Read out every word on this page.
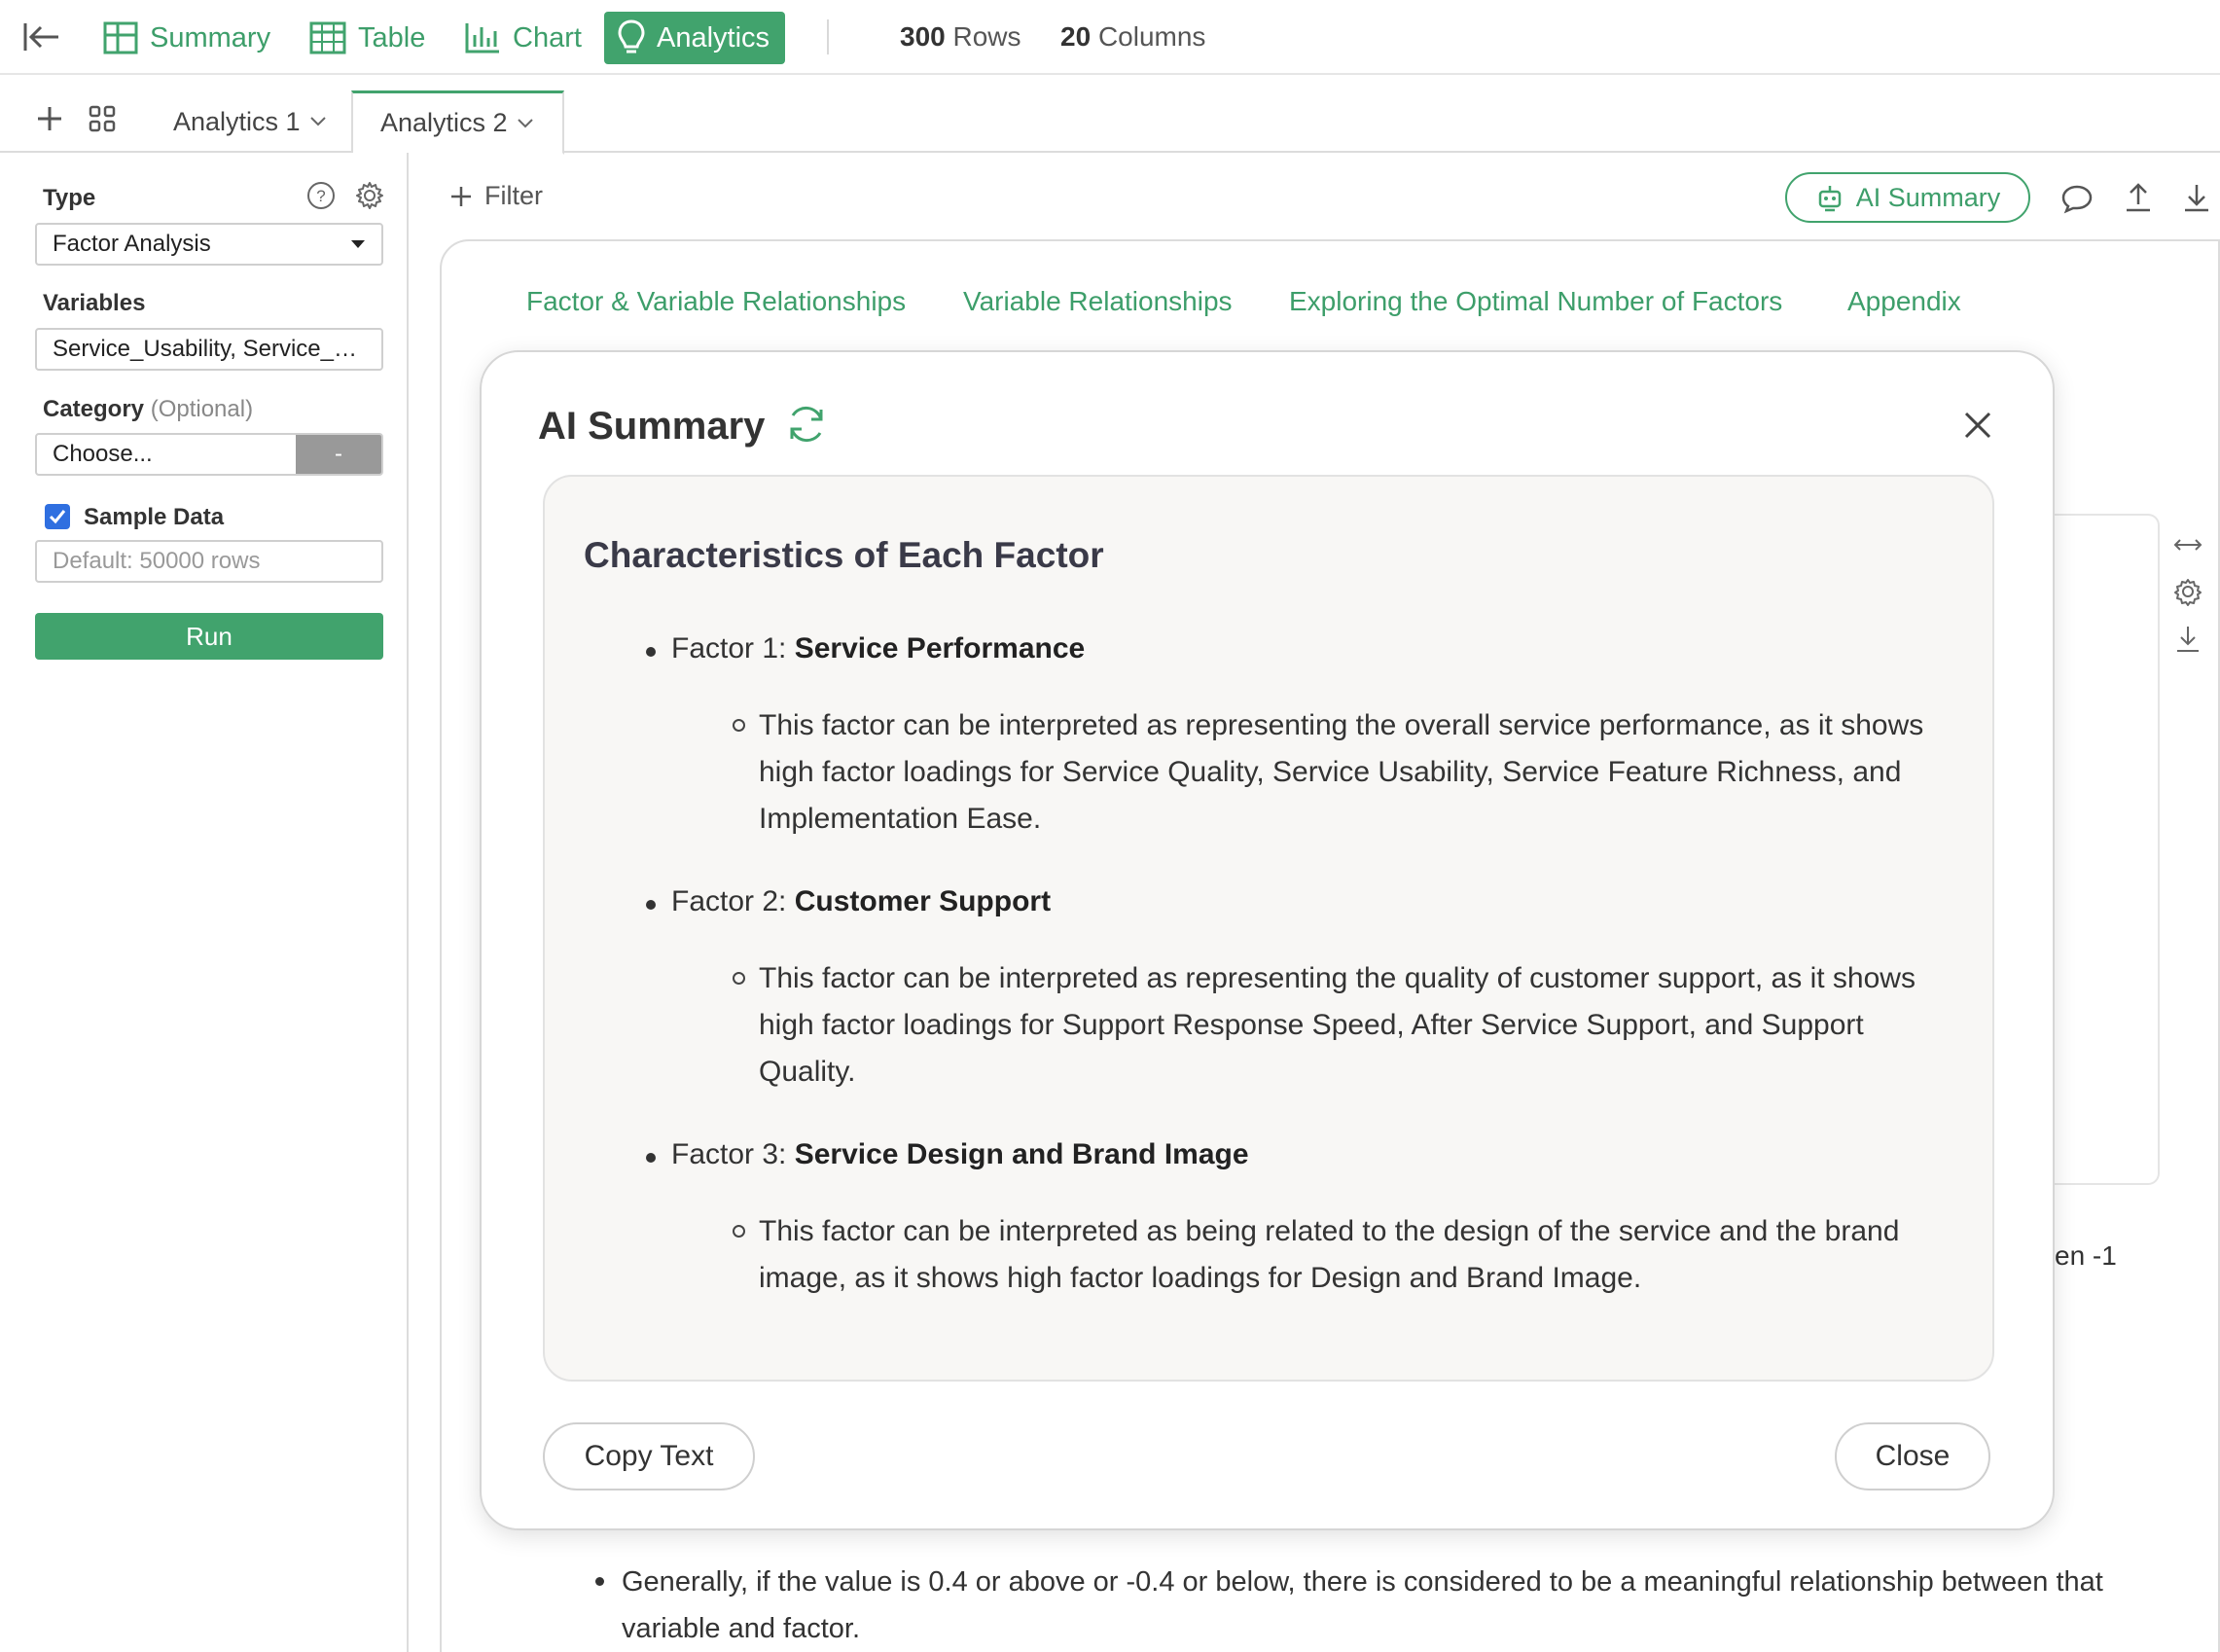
Summary	Table	Chart	Analytics	300 Rows 20 Columns
Analytics 1	Analytics 2
Type	?
Factor Analysis
Variables
Service_Usability, Service_…
Category (Optional)
Choose...	-
Sample Data
Default: 50000 rows
Run
Filter	AI Summary
Factor & Variable Relationships Variable Relationships Exploring the Optimal Number of Factors Appendix
en -1
Generally, if the value is 0.4 or above or -0.4 or below, there is considered to be a meaningful relationship between that variable and factor.
AI Summary
Characteristics of Each Factor
Factor 1: Service Performance
This factor can be interpreted as representing the overall service performance, as it shows high factor loadings for Service Quality, Service Usability, Service Feature Richness, and Implementation Ease.
Factor 2: Customer Support
This factor can be interpreted as representing the quality of customer support, as it shows high factor loadings for Support Response Speed, After Service Support, and Support Quality.
Factor 3: Service Design and Brand Image
This factor can be interpreted as being related to the design of the service and the brand image, as it shows high factor loadings for Design and Brand Image.
Copy Text	Close
